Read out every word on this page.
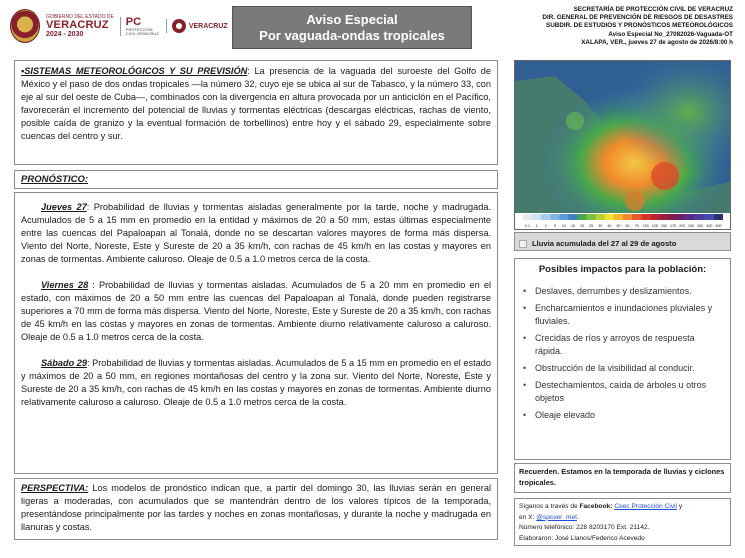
GOBIERNO DEL ESTADO DE
VERACRUZ
2024 - 2030
PC
PROTECCIÓN CIVIL VERACRUZ
VERACRUZ	Aviso Especial
Por vaguada-ondas tropicales
SECRETARÍA DE PROTECCIÓN CIVIL DE VERACRUZ
DIR. GENERAL DE PREVENCIÓN DE RIESGOS DE DESASTRES
SUBDIR. DE ESTUDIOS Y PRONÓSTICOS METEOROLÓGICOS
Aviso Especial No_27082026-Vaguada-OT
XALAPA, VER., jueves 27 de agosto de 2026/8:00 h

•SISTEMAS METEOROLÓGICOS Y SU PREVISIÓN: La presencia de la vaguada del suroeste del Golfo de México y el paso de dos ondas tropicales —la número 32, cuyo eje se ubica al sur de Tabasco, y la número 33, con eje al sur del oeste de Cuba—, combinados con la divergencia en altura provocada por un anticiclón en el Pacífico, favorecerán el incremento del potencial de lluvias y tormentas eléctricas (descargas eléctricas, rachas de viento, posible caída de granizo y la eventual formación de torbellinos) entre hoy y el sábado 29, especialmente sobre cuencas del centro y sur.

PRONÓSTICO:

Jueves 27: Probabilidad de lluvias y tormentas aisladas generalmente por la tarde, noche y madrugada. Acumulados de 5 a 15 mm en promedio en la entidad y máximos de 20 a 50 mm, estas últimas especialmente entre las cuencas del Papaloapan al Tonalá, donde no se descartan valores mayores de forma más dispersa. Viento del Norte, Noreste, Este y Sureste de 20 a 35 km/h, con rachas de 45 km/h en las costas y mayores en zonas de tormentas. Ambiente caluroso. Oleaje de 0.5 a 1.0 metros cerca de la costa.

Viernes 28 : Probabilidad de lluvias y tormentas aisladas. Acumulados de 5 a 20 mm en promedio en el estado, con máximos de 20 a 50 mm entre las cuencas del Papaloapan al Tonalá, donde pueden registrarse superiores a 70 mm de forma más dispersa. Viento del Norte, Noreste, Este y Sureste de 20 a 35 km/h, con rachas de 45 km/h en las costas y mayores en zonas de tormentas. Ambiente diurno relativamente caluroso a caluroso. Oleaje de 0.5 a 1.0 metros cerca de la costa.

Sábado 29: Probabilidad de lluvias y tormentas aisladas. Acumulados de 5 a 15 mm en promedio en el estado y máximos de 20 a 50 mm, en regiones montañosas del centro y la zona sur. Viento del Norte, Noreste, Este y Sureste de 20 a 35 km/h, con rachas de 45 km/h en las costas y mayores en zonas de tormentas. Ambiente diurno relativamente caluroso a caluroso. Oleaje de 0.5 a 1.0 metros cerca de la costa.

PERSPECTIVA: Los modelos de pronóstico indican que, a partir del domingo 30, las lluvias serán en general ligeras a moderadas, con acumulados que se mantendrán dentro de los valores típicos de la temporada, presentándose principalmente por las tardes y noches en zonas montañosas, y durante la noche y madrugada en llanuras y costas.

0.1 1 2 5 10 15 20 25 30 40 50 60 75 100 125 150 175 200 250 300 400 500
Lluvia acumulada del 27 al 29 de agosto
Posibles impactos para la población:
• Deslaves, derrumbes y deslizamientos.
• Encharcamientos e inundaciones pluviales y fluviales.
• Crecidas de ríos y arroyos de respuesta rápida.
• Obstrucción de la visibilidad al conducir.
• Destechamientos, caída de árboles u otros objetos
• Oleaje elevado
Recuerden. Estamos en la temporada de lluvias y ciclones tropicales.
Síganos a través de Facebook: Ceec Protección Civil y
en X: @spcver_met.
Número telefónico: 228 8203170 Ext. 21142.
Elaboraron: José Llanos/Federico Acevedo
